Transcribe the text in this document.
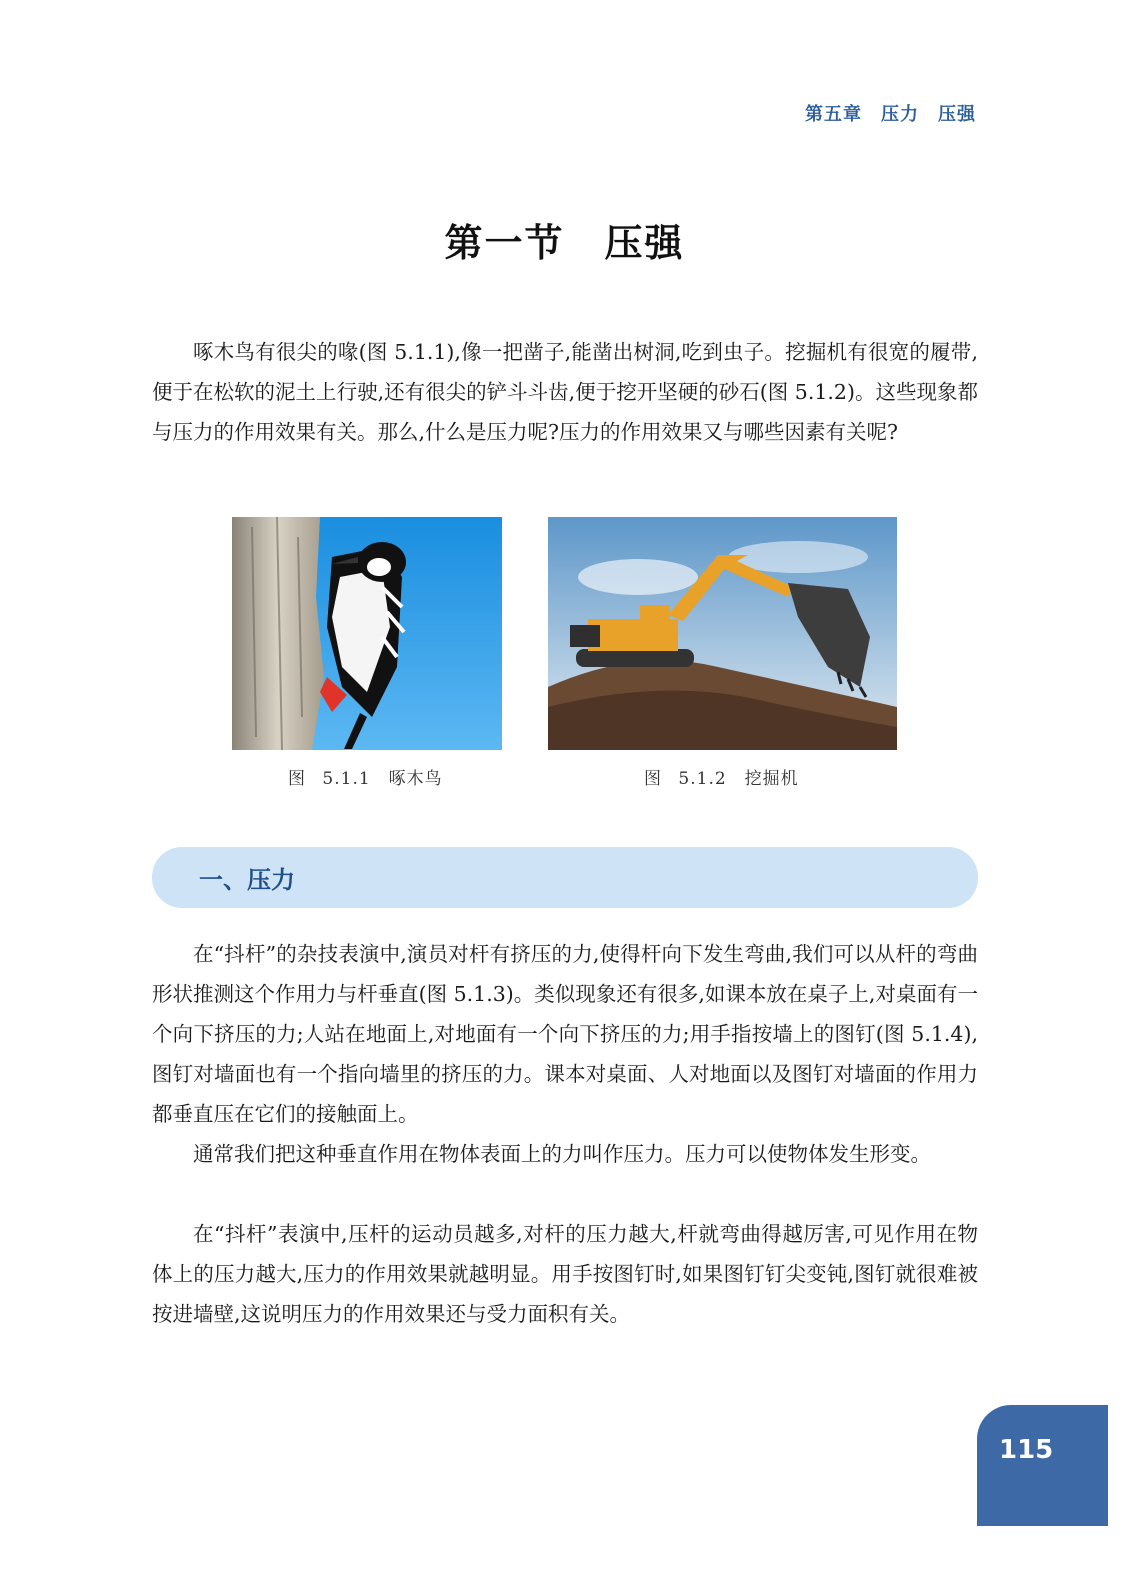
第五章　压力　压强
第一节　压强

啄木鸟有很尖的喙(图 5.1.1),像一把凿子,能凿出树洞,吃到虫子。挖掘机有很宽的履带,便于在松软的泥土上行驶,还有很尖的铲斗斗齿,便于挖开坚硬的砂石(图 5.1.2)。这些现象都与压力的作用效果有关。那么,什么是压力呢?压力的作用效果又与哪些因素有关呢?

图 5.1.1　啄木鸟	图 5.1.2　挖掘机
一、压力

在“抖杆”的杂技表演中,演员对杆有挤压的力,使得杆向下发生弯曲,我们可以从杆的弯曲形状推测这个作用力与杆垂直(图 5.1.3)。类似现象还有很多,如课本放在桌子上,对桌面有一个向下挤压的力;人站在地面上,对地面有一个向下挤压的力;用手指按墙上的图钉(图 5.1.4),图钉对墙面也有一个指向墙里的挤压的力。课本对桌面、人对地面以及图钉对墙面的作用力都垂直压在它们的接触面上。

通常我们把这种垂直作用在物体表面上的力叫作压力。压力可以使物体发生形变。

在“抖杆”表演中,压杆的运动员越多,对杆的压力越大,杆就弯曲得越厉害,可见作用在物体上的压力越大,压力的作用效果就越明显。用手按图钉时,如果图钉钉尖变钝,图钉就很难被按进墙壁,这说明压力的作用效果还与受力面积有关。

115
